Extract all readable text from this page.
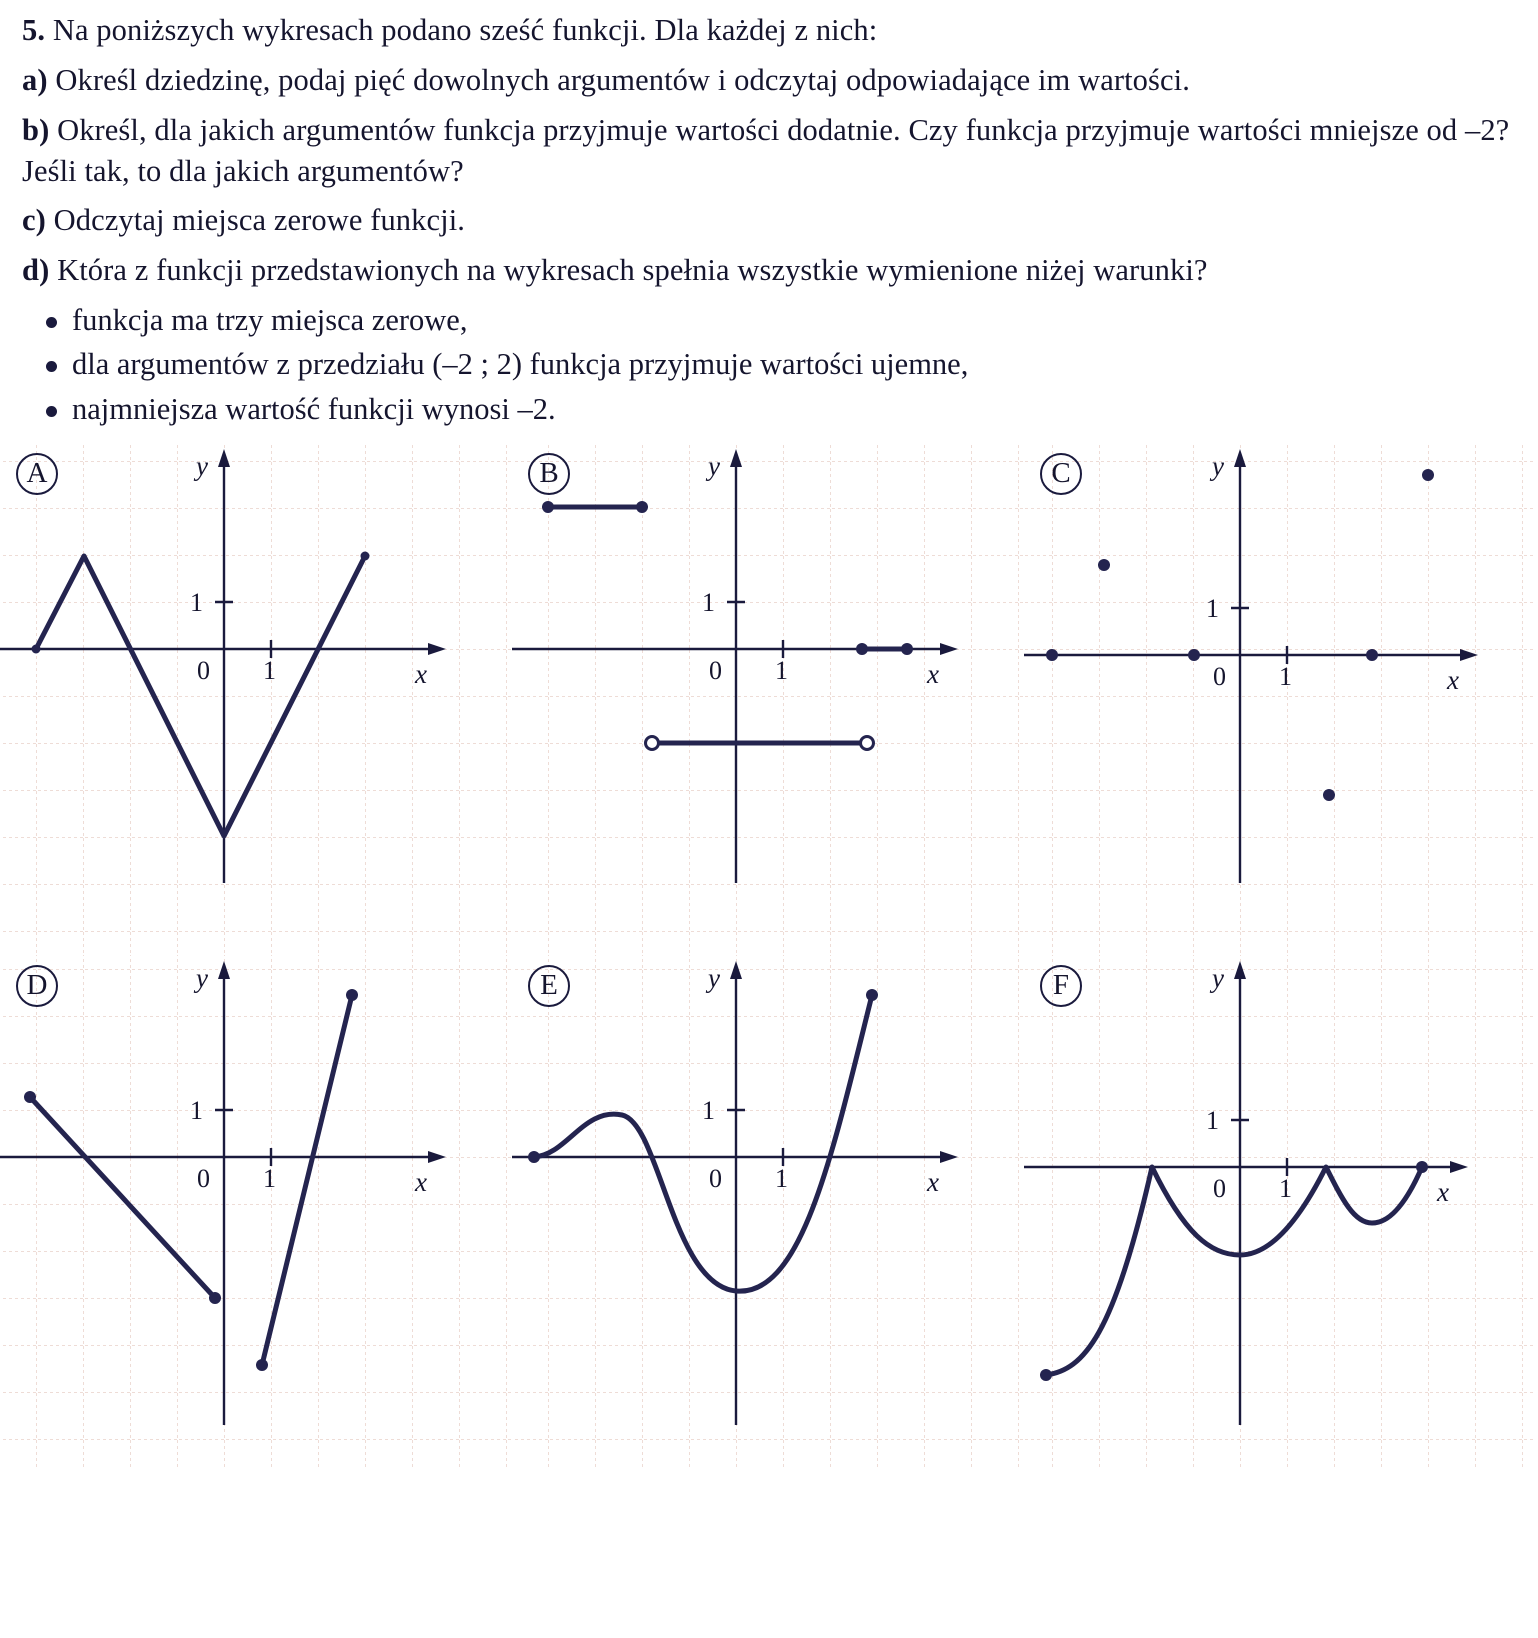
5. Na poniższych wykresach podano sześć funkcji. Dla każdej z nich:

a) Określ dziedzinę, podaj pięć dowolnych argumentów i odczytaj odpowiadające im wartości.

b) Określ, dla jakich argumentów funkcja przyjmuje wartości dodatnie. Czy funkcja przyjmuje wartości mniejsze od –2? Jeśli tak, to dla jakich argumentów?

c) Odczytaj miejsca zerowe funkcji.

d) Która z funkcji przedstawionych na wykresach spełnia wszystkie wymienione niżej warunki?

funkcja ma trzy miejsca zerowe,
dla argumentów z przedziału (–2 ; 2) funkcja przyjmuje wartości ujemne,
najmniejsza wartość funkcji wynosi –2.
A
0 1
1
x
y	B
0 1
1
x
y	C
0 1
1
x
y
D
0 1
1
x
y	E
0 1
1
x
y	F
0 1
1
x
y
